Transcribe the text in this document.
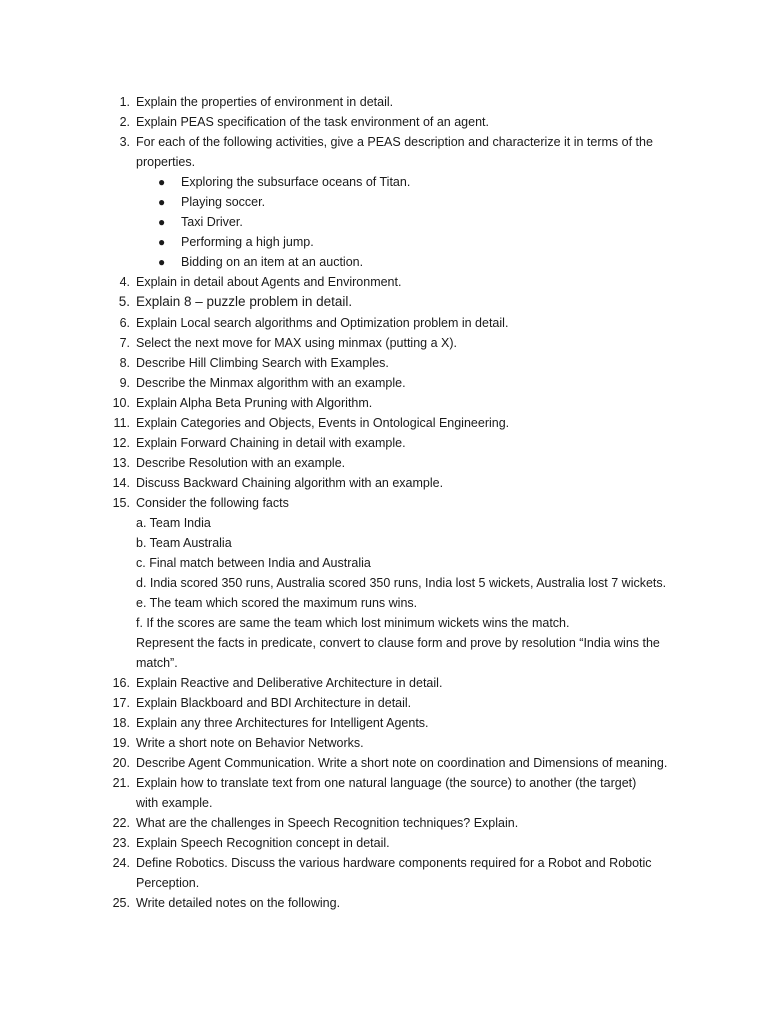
1. Explain the properties of environment in detail.
2. Explain PEAS specification of the task environment of an agent.
3. For each of the following activities, give a PEAS description and characterize it in terms of the
properties.
● Exploring the subsurface oceans of Titan.
● Playing soccer.
● Taxi Driver.
● Performing a high jump.
● Bidding on an item at an auction.
4. Explain in detail about Agents and Environment.
5. Explain 8 – puzzle problem in detail.
6. Explain Local search algorithms and Optimization problem in detail.
7. Select the next move for MAX using minmax (putting a X).
8. Describe Hill Climbing Search with Examples.
9. Describe the Minmax algorithm with an example.
10. Explain Alpha Beta Pruning with Algorithm.
11. Explain Categories and Objects, Events in Ontological Engineering.
12. Explain Forward Chaining in detail with example.
13. Describe Resolution with an example.
14. Discuss Backward Chaining algorithm with an example.
15. Consider the following facts
a. Team India
b. Team Australia
c. Final match between India and Australia
d. India scored 350 runs, Australia scored 350 runs, India lost 5 wickets, Australia lost 7 wickets.
e. The team which scored the maximum runs wins.
f. If the scores are same the team which lost minimum wickets wins the match.
Represent the facts in predicate, convert to clause form and prove by resolution “India wins the
match”.
16. Explain Reactive and Deliberative Architecture in detail.
17. Explain Blackboard and BDI Architecture in detail.
18. Explain any three Architectures for Intelligent Agents.
19. Write a short note on Behavior Networks.
20. Describe Agent Communication. Write a short note on coordination and Dimensions of meaning.
21. Explain how to translate text from one natural language (the source) to another (the target)
with example.
22. What are the challenges in Speech Recognition techniques? Explain.
23. Explain Speech Recognition concept in detail.
24. Define Robotics. Discuss the various hardware components required for a Robot and Robotic
Perception.
25. Write detailed notes on the following.
